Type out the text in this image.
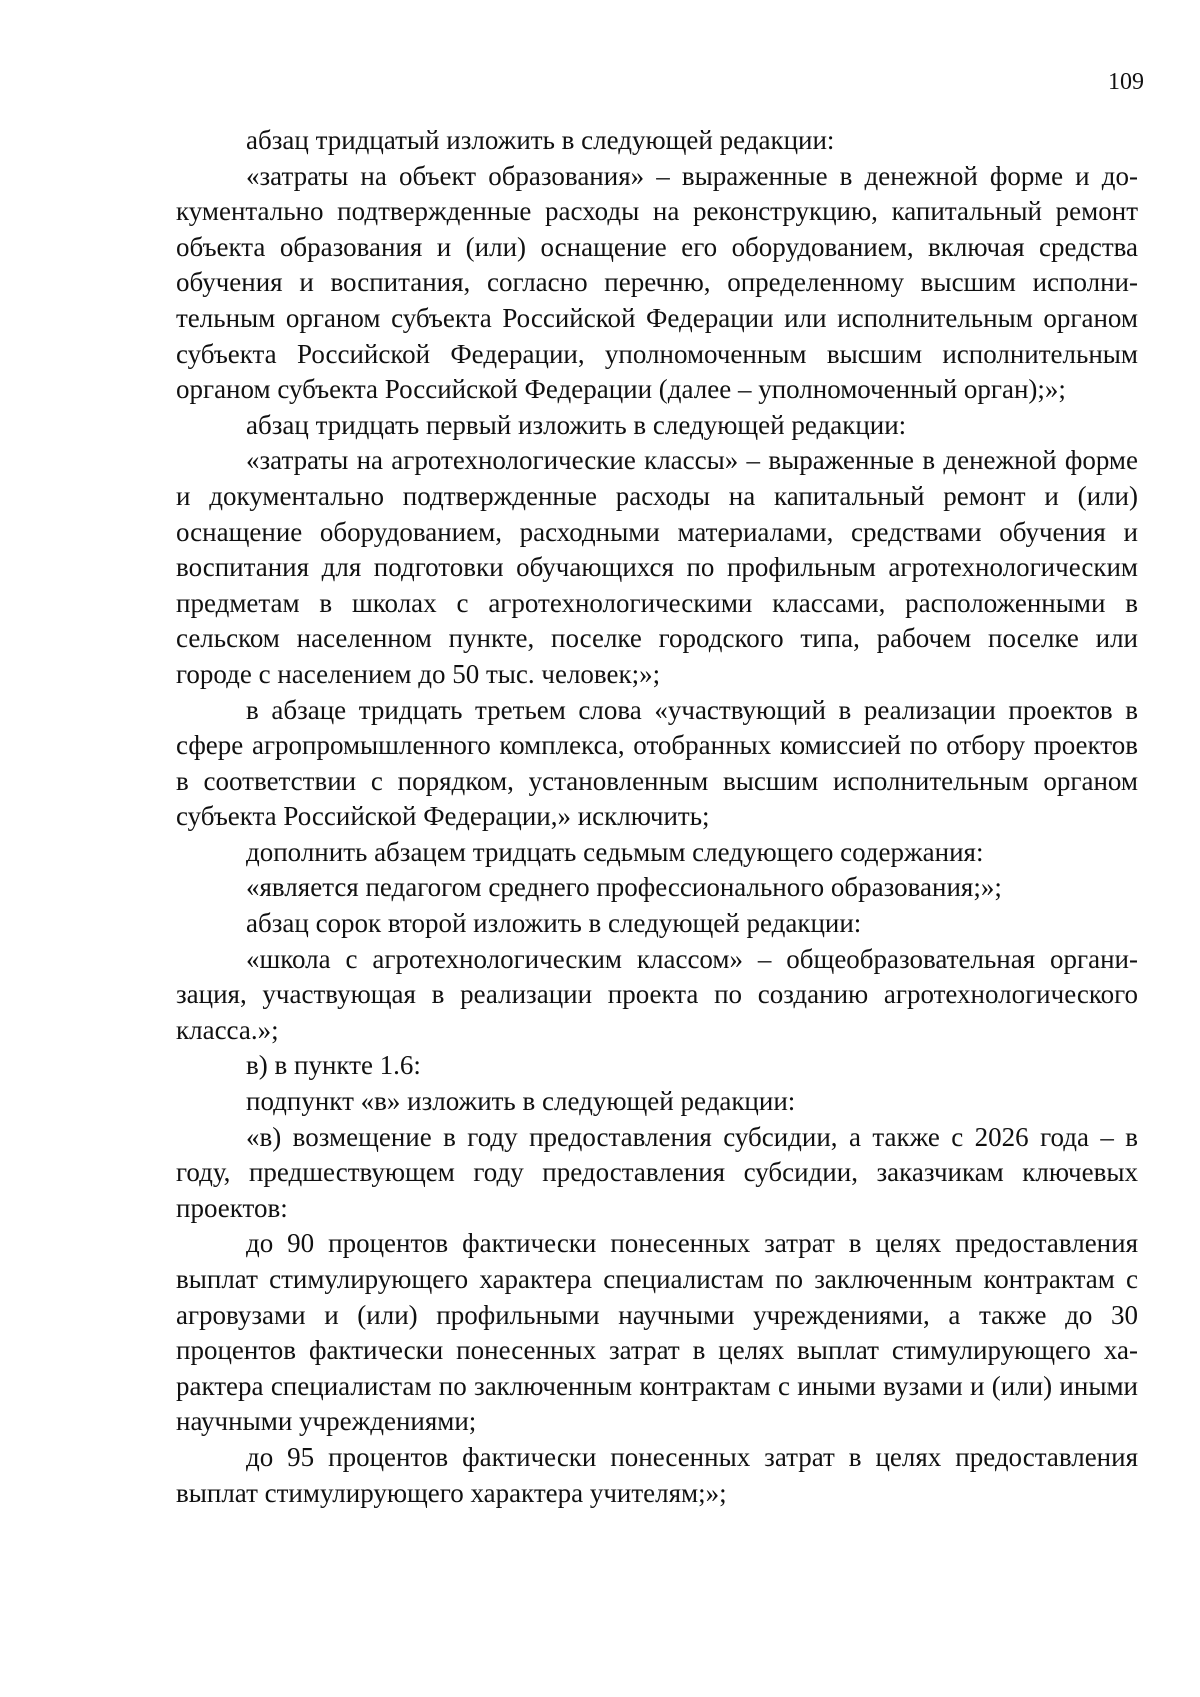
109

абзац тридцатый изложить в следующей редакции:

«затраты на объект образования» – выраженные в денежной форме и документально подтвержденные расходы на реконструкцию, капитальный ремонт объекта образования и (или) оснащение его оборудованием, включая средства обучения и воспитания, согласно перечню, определенному высшим исполнительным органом субъекта Российской Федерации или исполнительным органом субъекта Российской Федерации, уполномоченным высшим исполнительным органом субъекта Российской Федерации (далее – уполномоченный орган);»;

абзац тридцать первый изложить в следующей редакции:

«затраты на агротехнологические классы» – выраженные в денежной форме и документально подтвержденные расходы на капитальный ремонт и (или) оснащение оборудованием, расходными материалами, средствами обучения и воспитания для подготовки обучающихся по профильным агротехнологическим предметам в школах с агротехнологическими классами, расположенными в сельском населенном пункте, поселке городского типа, рабочем поселке или городе с населением до 50 тыс. человек;»;

в абзаце тридцать третьем слова «участвующий в реализации проектов в сфере агропромышленного комплекса, отобранных комиссией по отбору проектов в соответствии с порядком, установленным высшим исполнительным органом субъекта Российской Федерации,» исключить;

дополнить абзацем тридцать седьмым следующего содержания:

«является педагогом среднего профессионального образования;»;

абзац сорок второй изложить в следующей редакции:

«школа с агротехнологическим классом» – общеобразовательная организация, участвующая в реализации проекта по созданию агротехнологического класса.»;

в) в пункте 1.6:

подпункт «в» изложить в следующей редакции:

«в) возмещение в году предоставления субсидии, а также с 2026 года – в году, предшествующем году предоставления субсидии, заказчикам ключевых проектов:

до 90 процентов фактически понесенных затрат в целях предоставления выплат стимулирующего характера специалистам по заключенным контрактам с агровузами и (или) профильными научными учреждениями, а также до 30 процентов фактически понесенных затрат в целях выплат стимулирующего характера специалистам по заключенным контрактам с иными вузами и (или) иными научными учреждениями;

до 95 процентов фактически понесенных затрат в целях предоставления выплат стимулирующего характера учителям;»;
